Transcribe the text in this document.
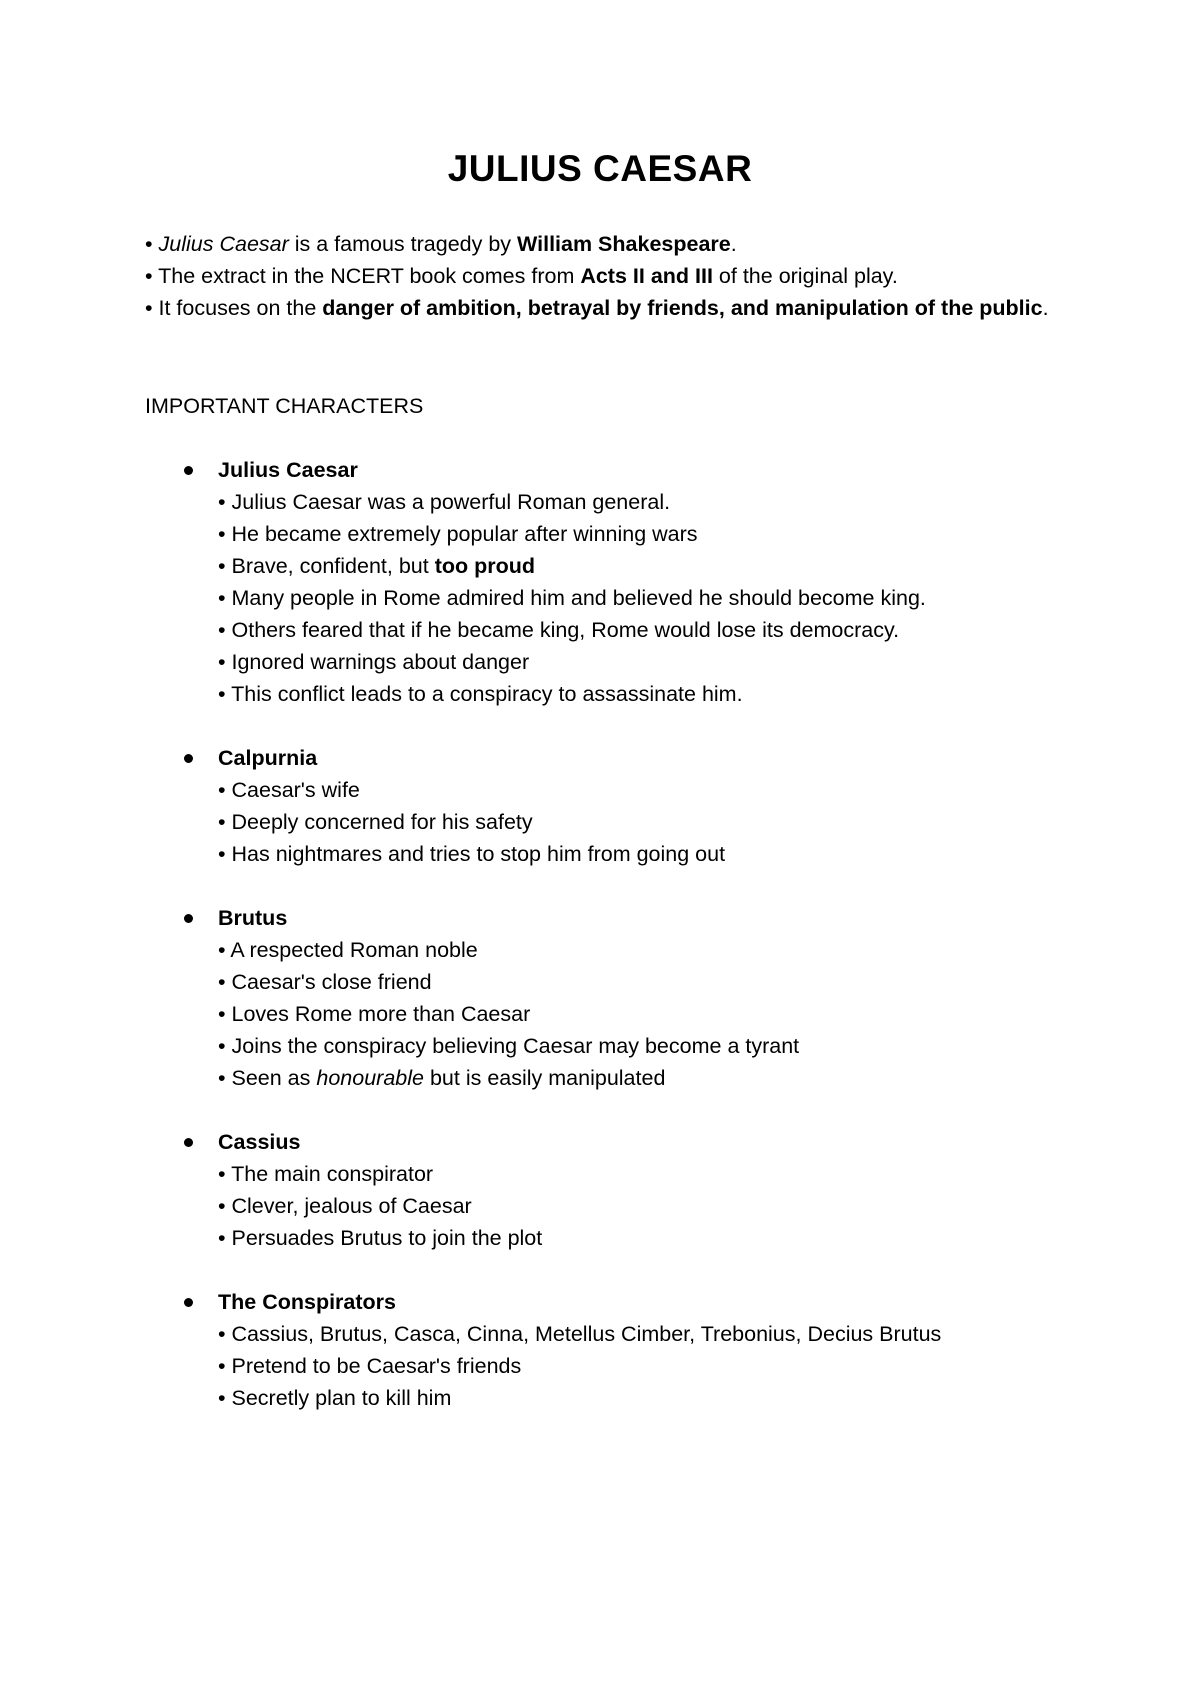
JULIUS CAESAR

• Julius Caesar is a famous tragedy by William Shakespeare.

• The extract in the NCERT book comes from Acts II and III of the original play.

• It focuses on the danger of ambition, betrayal by friends, and manipulation of the public.

IMPORTANT CHARACTERS
Julius Caesar
• Julius Caesar was a powerful Roman general.
• He became extremely popular after winning wars
• Brave, confident, but too proud
• Many people in Rome admired him and believed he should become king.
• Others feared that if he became king, Rome would lose its democracy.
• Ignored warnings about danger
• This conflict leads to a conspiracy to assassinate him.
Calpurnia
• Caesar's wife
• Deeply concerned for his safety
• Has nightmares and tries to stop him from going out
Brutus
• A respected Roman noble
• Caesar's close friend
• Loves Rome more than Caesar
• Joins the conspiracy believing Caesar may become a tyrant
• Seen as honourable but is easily manipulated
Cassius
• The main conspirator
• Clever, jealous of Caesar
• Persuades Brutus to join the plot
The Conspirators
• Cassius, Brutus, Casca, Cinna, Metellus Cimber, Trebonius, Decius Brutus
• Pretend to be Caesar's friends
• Secretly plan to kill him
